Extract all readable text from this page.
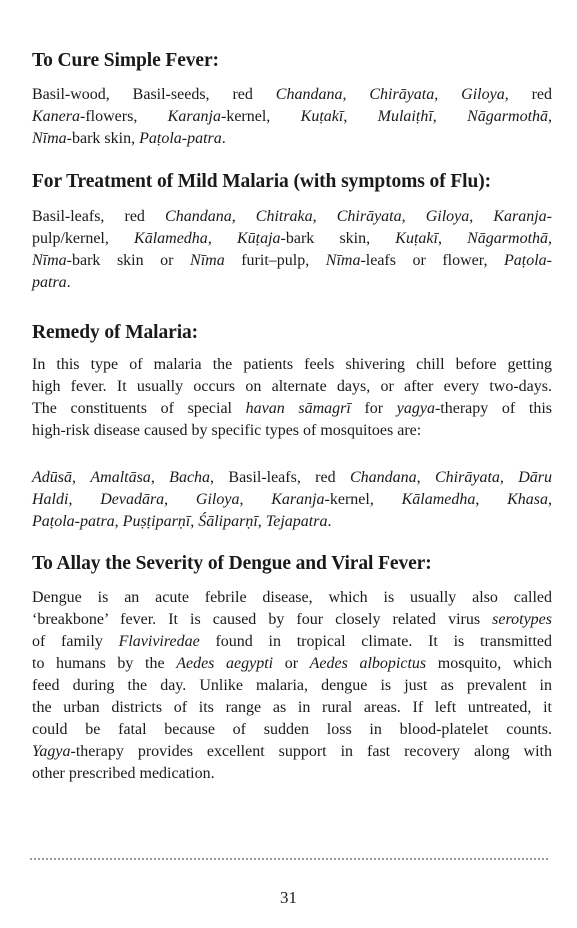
To Cure Simple Fever:
Basil-wood, Basil-seeds, red Chandana, Chirāyata, Giloya, red
Kanera-flowers, Karanja-kernel, Kuṭakī, Mulaiṭhī, Nāgarmothā,
Nīma-bark skin, Paṭola-patra.
For Treatment of Mild Malaria (with symptoms of Flu):
Basil-leafs, red Chandana, Chitraka, Chirāyata, Giloya, Karanja-
pulp/kernel, Kālamedha, Kūṭaja-bark skin, Kuṭakī, Nāgarmothā,
Nīma-bark skin or Nīma furit–pulp, Nīma-leafs or flower, Paṭola-
patra.
Remedy of Malaria:
In this type of malaria the patients feels shivering chill before getting
high fever. It usually occurs on alternate days, or after every two-days.
The constituents of special havan sāmagrī for yagya-therapy of this
high-risk disease caused by specific types of mosquitoes are:
Adūsā, Amaltāsa, Bacha, Basil-leafs, red Chandana, Chirāyata, Dāru
Haldi, Devadāra, Giloya, Karanja-kernel, Kālamedha, Khasa,
Paṭola-patra, Puṣṭiparṇī, Śāliparṇī, Tejapatra.
To Allay the Severity of Dengue and Viral Fever:
Dengue is an acute febrile disease, which is usually also called
‘breakbone’ fever. It is caused by four closely related virus serotypes
of family Flaviviredae found in tropical climate. It is transmitted
to humans by the Aedes aegypti or Aedes albopictus mosquito, which
feed during the day. Unlike malaria, dengue is just as prevalent in
the urban districts of its range as in rural areas. If left untreated, it
could be fatal because of sudden loss in blood-platelet counts.
Yagya-therapy provides excellent support in fast recovery along with
other prescribed medication.
31
